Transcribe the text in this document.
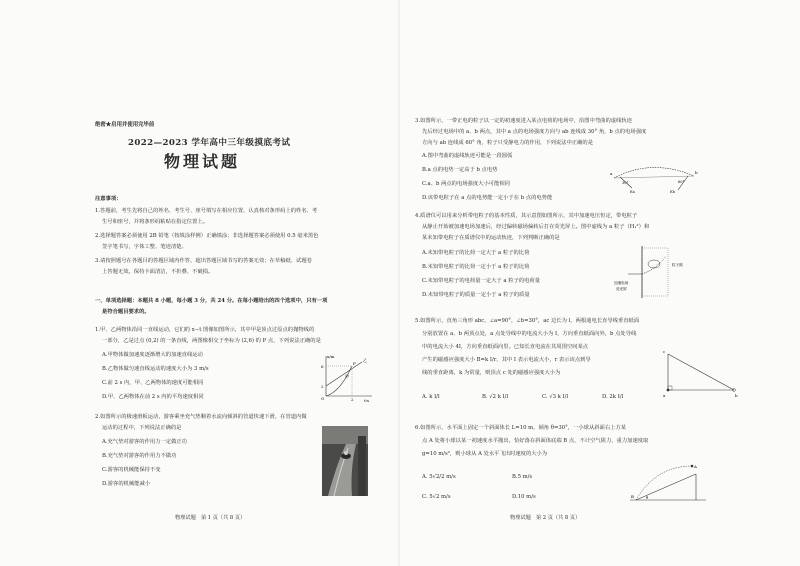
绝密★启用并使用完毕前
2022—2023 学年高中三年级摸底考试
物理试题
注意事项：
1.答题前，考生先将自己的姓名、考生号、座号填写在相应位置，认真核对条形码上的姓名、考
生号和座号，并将条形码粘贴在指定位置上。
2.选择题答案必须使用 2B 铅笔（按填涂样例）正确填涂；非选择题答案必须使用 0.5 毫米黑色
签字笔书写，字体工整、笔迹清楚。
3.请按照题号在各题目的答题区域内作答，超出答题区域书写的答案无效；在草稿纸、试题卷
上答题无效。保持卡面清洁，不折叠、不破损。
一、单项选择题：本题共 8 小题，每小题 3 分，共 24 分。在每小题给出的四个选项中，只有一项
是符合题目要求的。
1.甲、乙两物体沿同一直线运动，它们的 x−t 图像如图所示，其中甲是顶点过原点的抛物线的
一部分，乙是过点 (0,2) 的一条直线，两图像相交于坐标为 (2,6) 的 P 点，下列说法正确的是
A.甲物体做加速度逐渐增大的加速直线运动
B.乙物体做匀速直线运动的速度大小为 3 m/s
C.前 2 s 内，甲、乙两物体的速度可能相同
D.甲、乙两物体在前 2 s 内的平均速度相同
x/m
t/s
O
P
6
2
2
甲
乙
2.如图所示的极速滑板运动，游客乘坐充气垫顺着水流向倾斜的管道快速下滑，在管道内做
运动的过程中，下列说法正确的是
A.充气垫对游客的作用力一定做正功
B.充气垫对游客的作用力不做功
C.游客的机械能保持不变
D.游客的机械能减小
物理试题　第 1 页（共 8 页）
3.如图所示，一带正电的粒子以一定的初速度进入某点电荷的电场中，沿图中弯曲的虚线轨迹
先后经过电场中的 a、b 两点，其中 a 点的电场强度方向与 ab 连线成 30° 角，b 点的电场强度
方向与 ab 连线成 60° 角，粒子只受静电力的作用，下列说法中正确的是
A.图中弯曲的虚线轨迹可能是一段圆弧
B.a 点的电势一定高于 b 点电势
C.a、b 两点的电场强度大小可能相同
D.该带电粒子在 a 点的电势能一定小于在 b 点的电势能
a	b
30°	60°
Ea	Eb
4.质谱仪可以用来分析带电粒子的基本性质，其示意图如图所示，其中加速电压恒定，带电粒子
从静止开始被加速电场加速后，经过偏转磁场偏转后打在荧光屏上。图中虚线为 a 粒子（H₁²）和
某未知带电粒子在质谱仪中的运动轨迹，下列判断正确的是
A.未知带电粒子的比荷一定大于 a 粒子的比荷
B.未知带电粒子的比荷一定小于 a 粒子的比荷
C.未知带电粒子的电荷量一定大于 a 粒子的电荷量
D.未知带电粒子的质量一定小于 a 粒子的质量
加速电场
荧光屏
粒子源
5.如图所示，直角三角形 abc，∠a=90°，∠b=30°，ac 边长为 l，两根通电长直导线垂直纸面
分别放置在 a、b 两顶点处，a 点处导线中的电流大小为 I，方向垂直纸面向外，b 点处导线
中的电流大小 4I，方向垂直纸面向里。已知长直电流在其周围空间某点
产生的磁感应强度大小 B=k I/r，其中 I 表示电流大小，r 表示该点到导
线的垂直距离，k 为常量，则顶点 c 处的磁感应强度大小为
A. k I/l	B. √2 k I/l	C. √3 k I/l	D. 2k I/l	a	b
c
6.如图所示，水平面上固定一个斜面体长 L=10 m，倾角 θ=30°，一小球从斜面右上方某
点 A 处将小球以某一初速度水平抛出，恰好落在斜面体底端 B 点，不计空气阻力，重力加速度取
g=10 m/s²，则小球从 A 处水平飞出时速度的大小为
A. 5√2/2 m/s	B.5 m/s
C. 5√2 m/s	D.10 m/s
A
B	θ
物理试题　第 2 页（共 8 页）
